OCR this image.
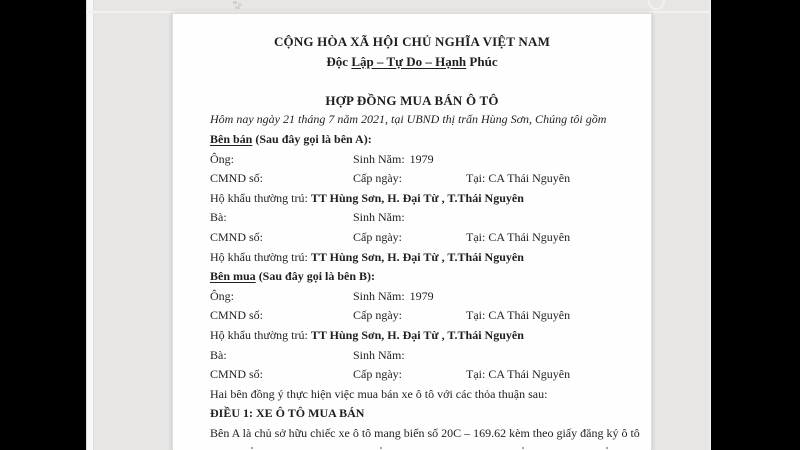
CỘNG HÒA XÃ HỘI CHỦ NGHĨA VIỆT NAM
Độc Lập – Tự Do – Hạnh Phúc
HỢP ĐỒNG MUA BÁN Ô TÔ
Hôm nay ngày 21 tháng 7 năm 2021, tại UBND thị trấn Hùng Sơn, Chúng tôi gồm
Bên bán (Sau đây gọi là bên A):
Ông:	Sinh Năm: 1979
CMND số:	Cấp ngày:	Tại: CA Thái Nguyên
Hộ khẩu thường trú: TT Hùng Sơn, H. Đại Từ , T.Thái Nguyên
Bà:	Sinh Năm:
CMND số:	Cấp ngày:	Tại: CA Thái Nguyên
Hộ khẩu thường trú: TT Hùng Sơn, H. Đại Từ , T.Thái Nguyên
Bên mua (Sau đây gọi là bên B):
Ông:	Sinh Năm: 1979
CMND số:	Cấp ngày:	Tại: CA Thái Nguyên
Hộ khẩu thường trú: TT Hùng Sơn, H. Đại Từ , T.Thái Nguyên
Bà:	Sinh Năm:
CMND số:	Cấp ngày:	Tại: CA Thái Nguyên
Hai bên đồng ý thực hiện việc mua bán xe ô tô với các thỏa thuận sau:
ĐIỀU 1: XE Ô TÔ MUA BÁN
Bên A là chủ sở hữu chiếc xe ô tô mang biển số 20C – 169.62 kèm theo giấy đăng ký ô tô
